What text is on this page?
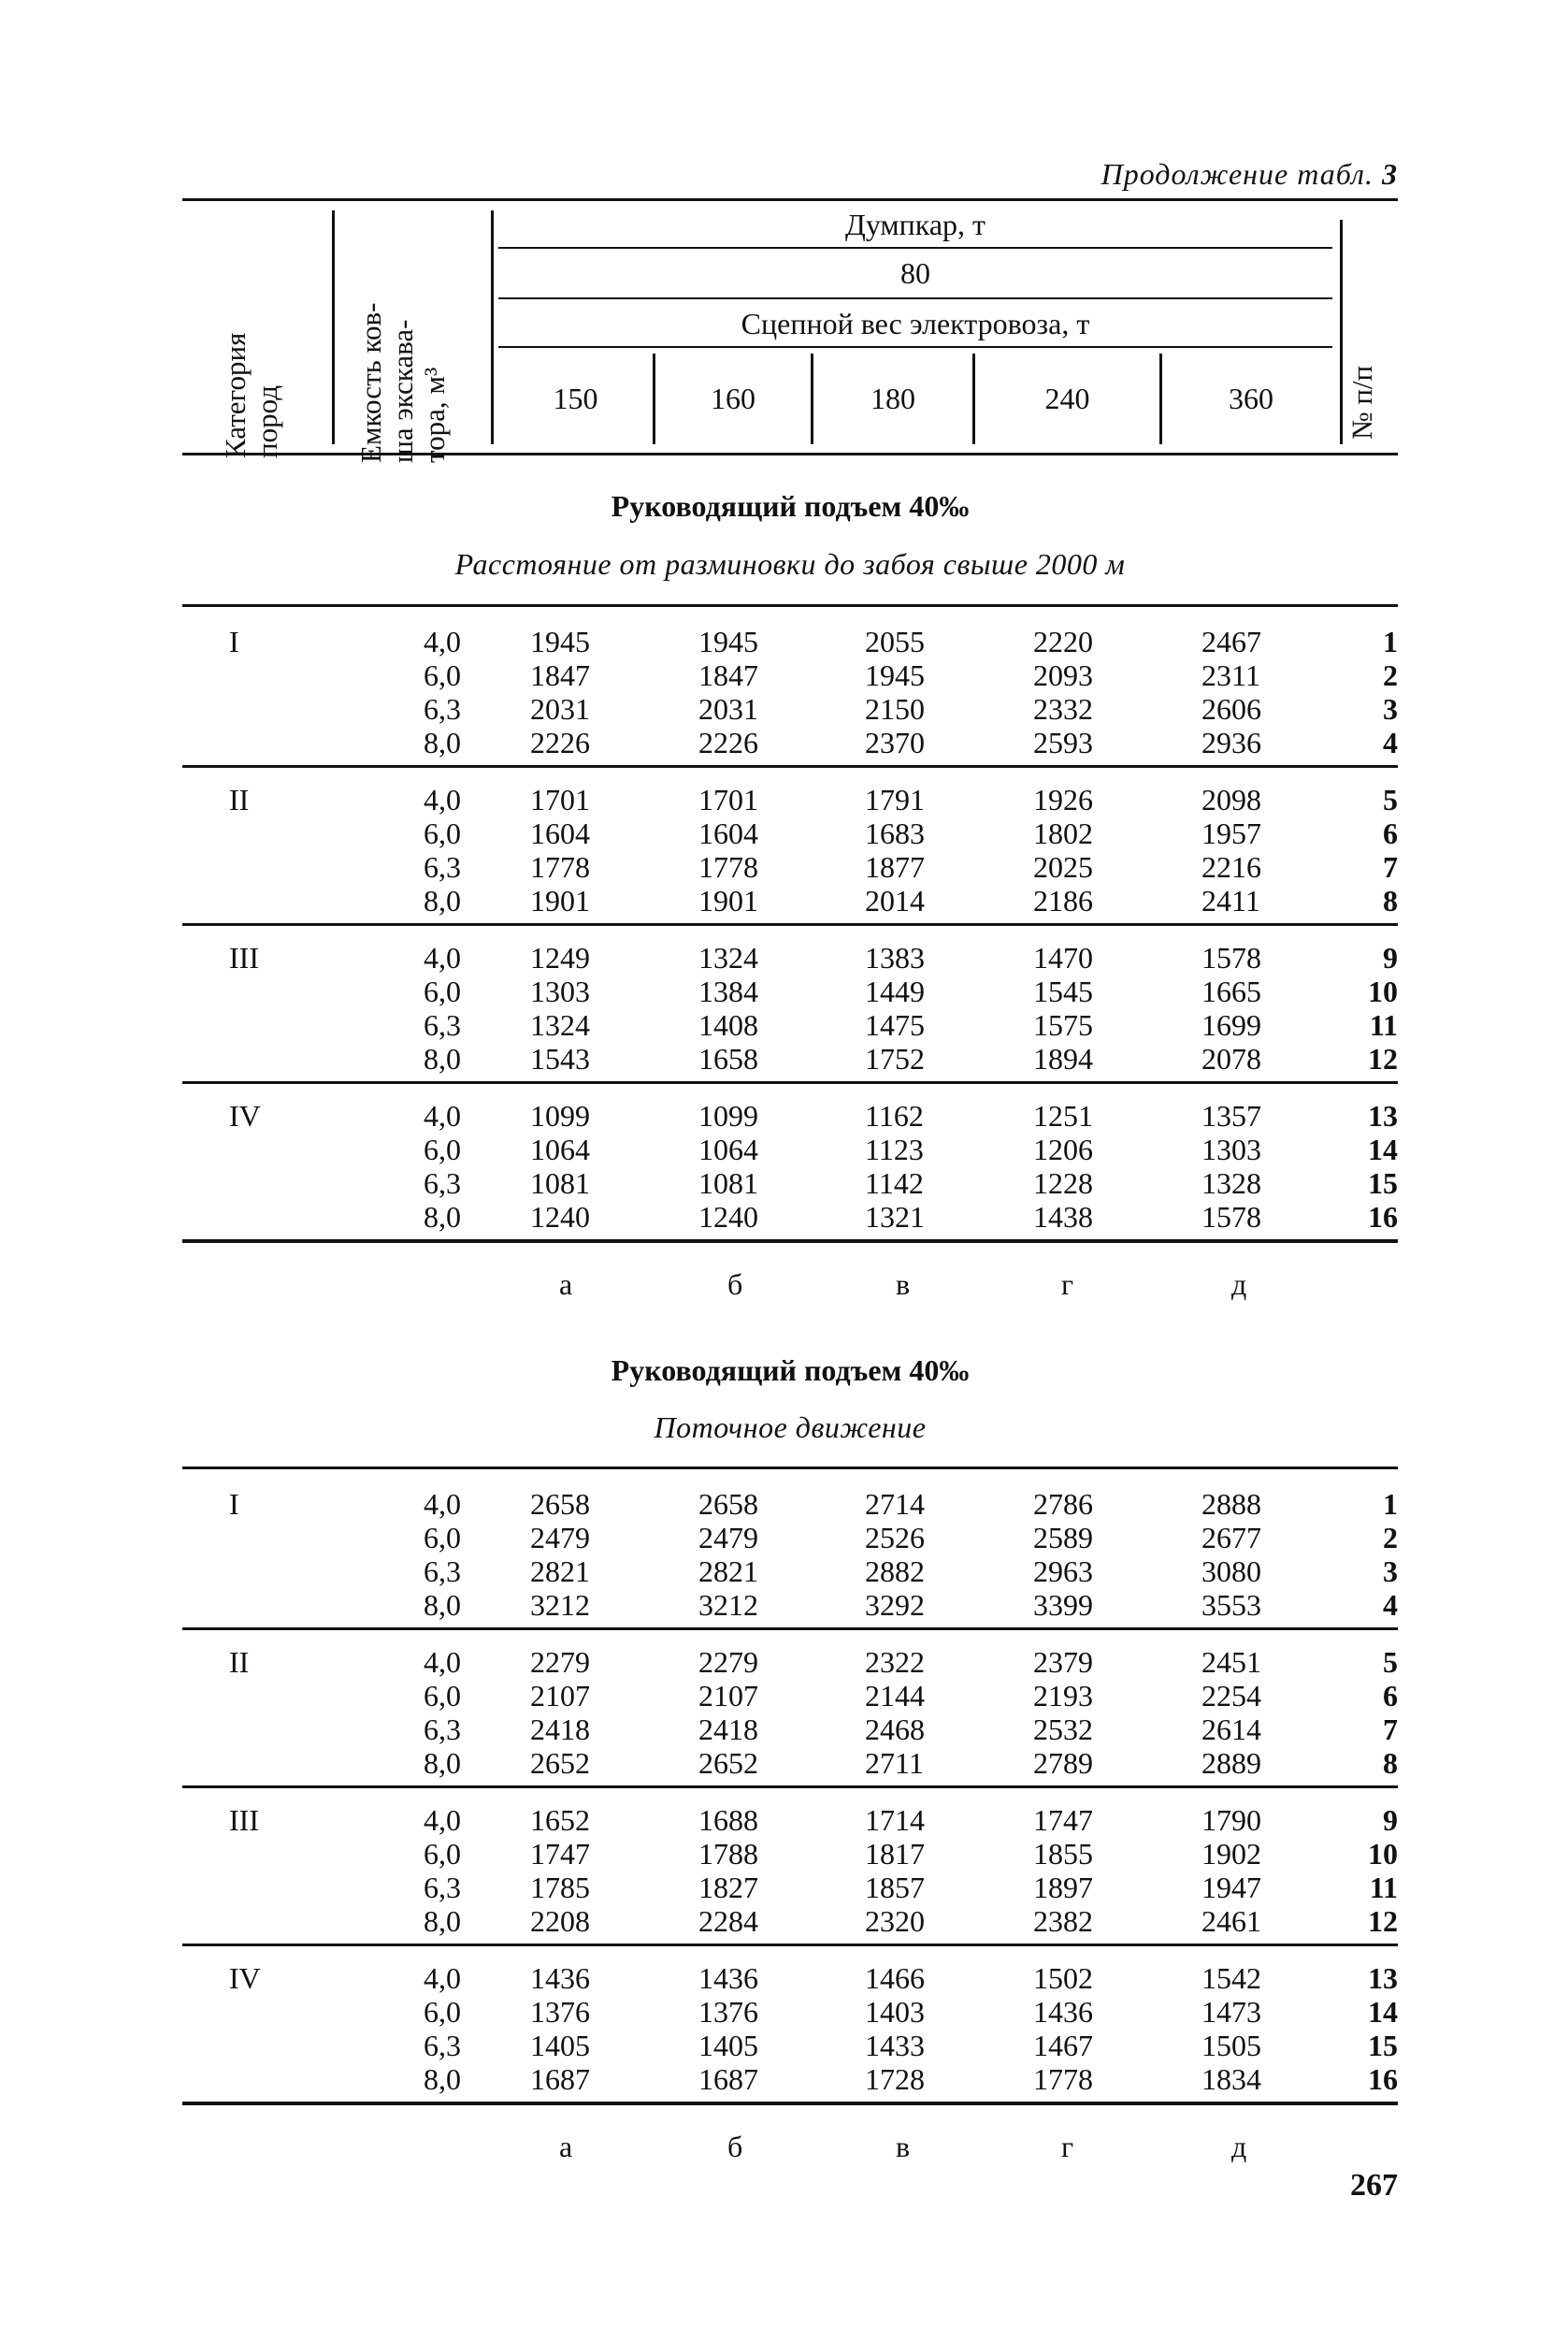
Продолжение табл. 3
Категория пород Емкость ков- ша экскава- тора, м³
Думпкар, т
80
Сцепной вес электровоза, т
150	160	180	240	360	№ п/п
Руководящий подъем 40‰
Расстояние от разминовки до забоя свыше 2000 м
I	4,0 1945	1945	2055	2220	2467	1
6,0 1847	1847	1945	2093	2311	2
6,3 2031	2031	2150	2332	2606	3
8,0 2226	2226	2370	2593	2936	4
II	4,0 1701	1701	1791	1926	2098	5
6,0 1604	1604	1683	1802	1957	6
6,3 1778	1778	1877	2025	2216	7
8,0 1901	1901	2014	2186	2411	8
III	4,0 1249	1324	1383	1470	1578	9
6,0 1303	1384	1449	1545	1665	10
6,3 1324	1408	1475	1575	1699	11
8,0 1543	1658	1752	1894	2078	12
IV	4,0 1099	1099	1162	1251	1357	13
6,0 1064	1064	1123	1206	1303	14
6,3 1081	1081	1142	1228	1328	15
8,0 1240	1240	1321	1438	1578	16
а	б	в	г	д
Руководящий подъем 40‰
Поточное движение
I	4,0 2658	2658	2714	2786	2888	1
6,0 2479	2479	2526	2589	2677	2
6,3 2821	2821	2882	2963	3080	3
8,0 3212	3212	3292	3399	3553	4
II	4,0 2279	2279	2322	2379	2451	5
6,0 2107	2107	2144	2193	2254	6
6,3 2418	2418	2468	2532	2614	7
8,0 2652	2652	2711	2789	2889	8
III	4,0 1652	1688	1714	1747	1790	9
6,0 1747	1788	1817	1855	1902	10
6,3 1785	1827	1857	1897	1947	11
8,0 2208	2284	2320	2382	2461	12
IV	4,0 1436	1436	1466	1502	1542	13
6,0 1376	1376	1403	1436	1473	14
6,3 1405	1405	1433	1467	1505	15
8,0 1687	1687	1728	1778	1834	16
а	б	в	г	д
267
